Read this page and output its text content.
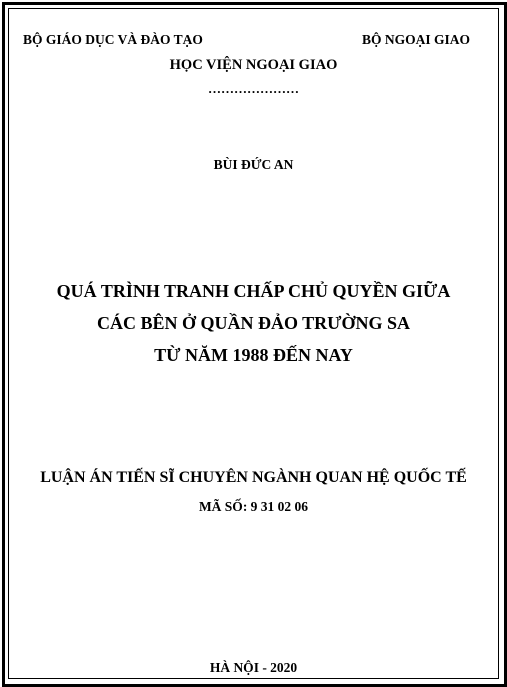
BỘ GIÁO DỤC VÀ ĐÀO TẠO	BỘ NGOẠI GIAO
HỌC VIỆN NGOẠI GIAO
…………………
BÙI ĐỨC AN
QUÁ TRÌNH TRANH CHẤP CHỦ QUYỀN GIỮA
CÁC BÊN Ở QUẦN ĐẢO TRƯỜNG SA
TỪ NĂM 1988 ĐẾN NAY
LUẬN ÁN TIẾN SĨ CHUYÊN NGÀNH QUAN HỆ QUỐC TẾ
MÃ SỐ: 9 31 02 06
HÀ NỘI - 2020
